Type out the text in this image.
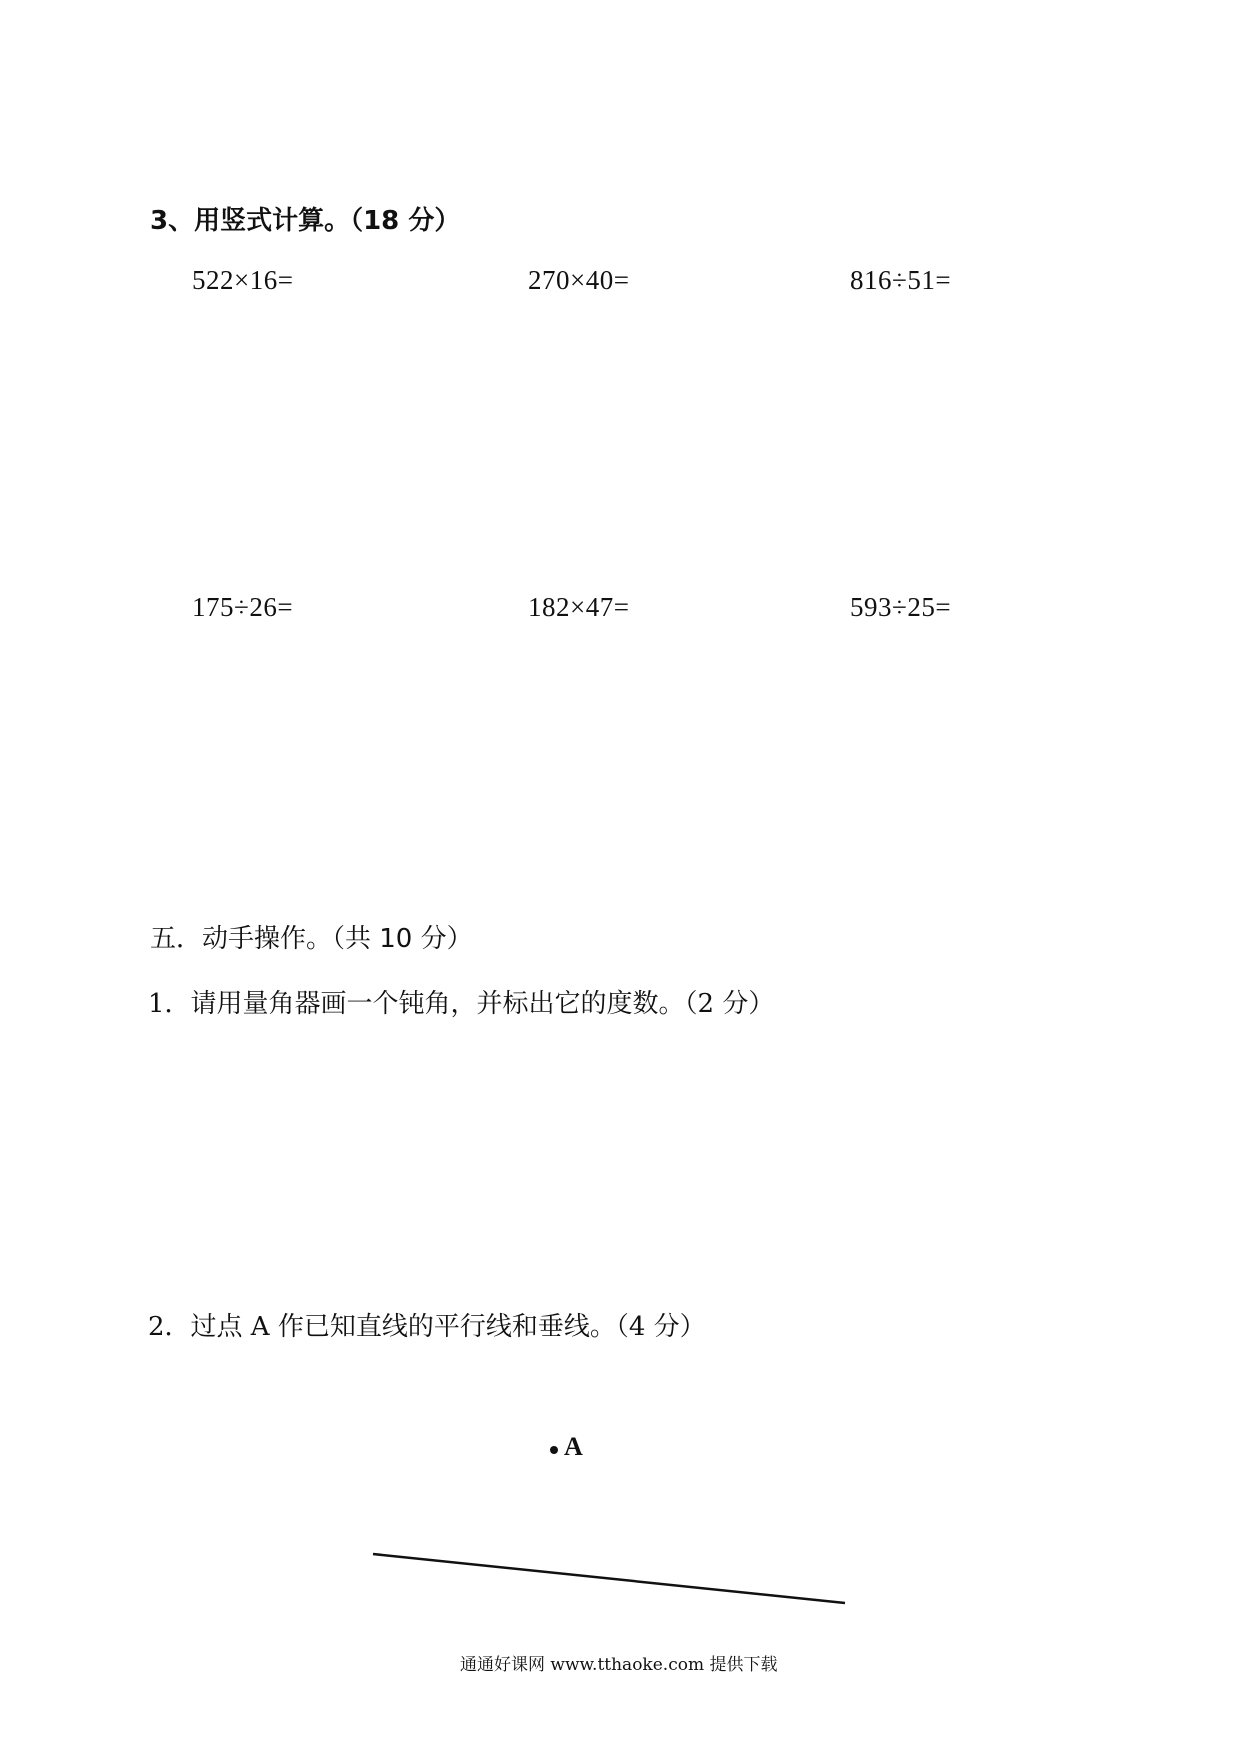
3、用竖式计算。（18 分）
522×16=	270×40=	816÷51=
175÷26=	182×47=	593÷25=
五．动手操作。（共 10 分）
1．请用量角器画一个钝角，并标出它的度数。（2 分）
2．过点 A 作已知直线的平行线和垂线。（4 分）
A
通通好课网 www.tthaoke.com 提供下载
